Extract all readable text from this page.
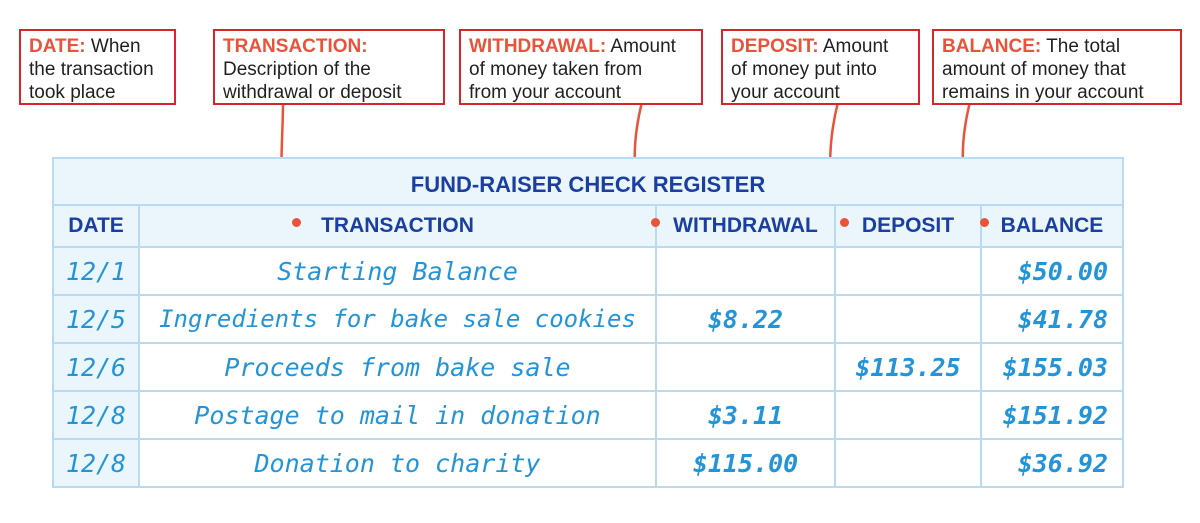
DATE: When
the transaction
took place
TRANSACTION:
Description of the
withdrawal or deposit
WITHDRAWAL: Amount
of money taken from
from your account
DEPOSIT: Amount
of money put into
your account
BALANCE: The total
amount of money that
remains in your account
FUND-RAISER CHECK REGISTER				
DATE	TRANSACTION	WITHDRAWAL	DEPOSIT	BALANCE
12/1	Starting Balance			$50.00
12/5	Ingredients for bake sale cookies	$8.22		$41.78
12/6	Proceeds from bake sale		$113.25	$155.03
12/8	Postage to mail in donation	$3.11		$151.92
12/8	Donation to charity	$115.00		$36.92
